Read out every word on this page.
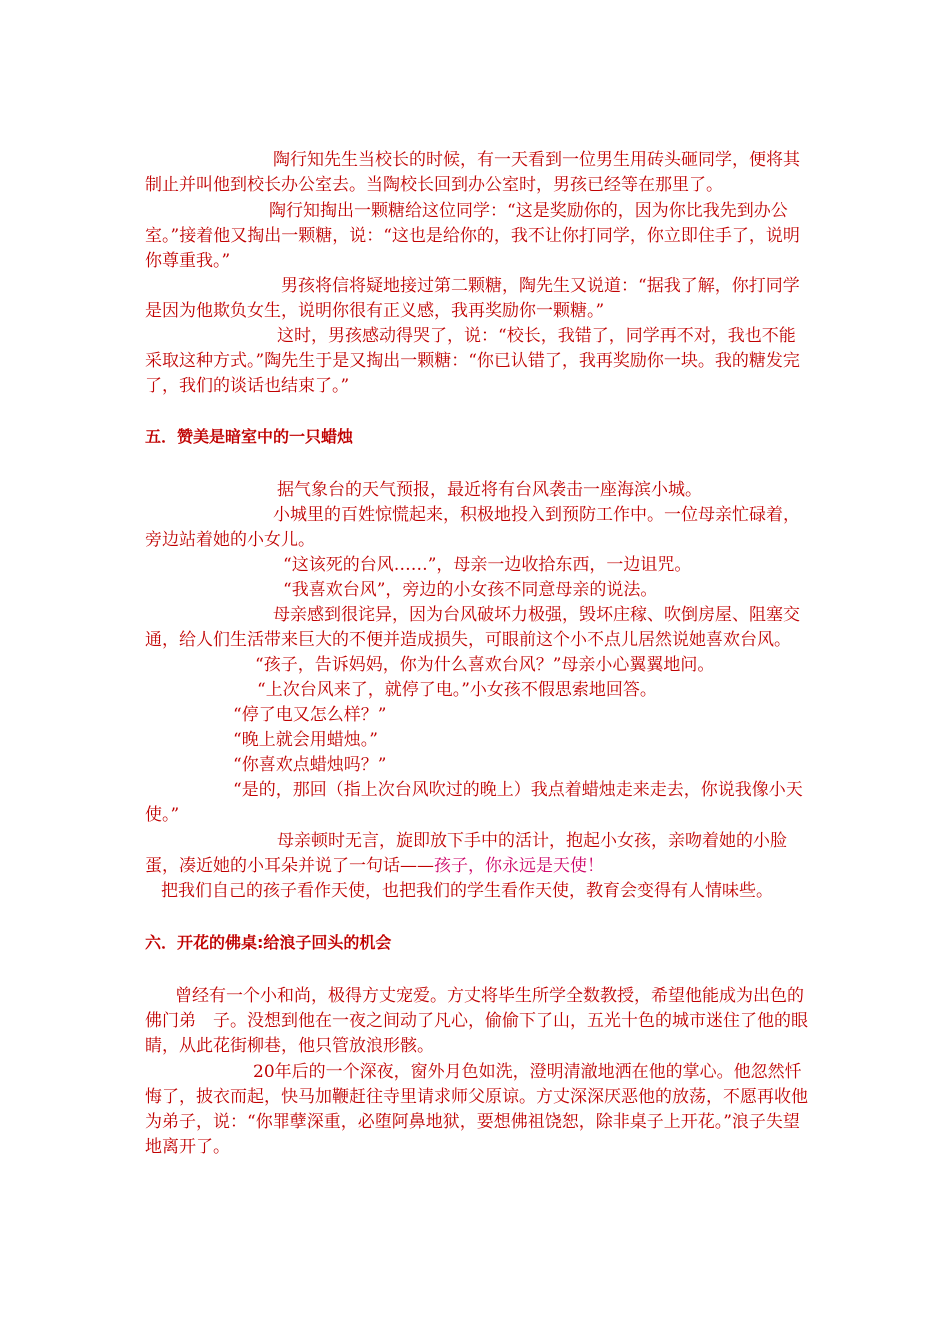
陶行知先生当校长的时候，有一天看到一位男生用砖头砸同学，便将其制止并叫他到校长办公室去。当陶校长回到办公室时，男孩已经等在那里了。

陶行知掏出一颗糖给这位同学：“这是奖励你的，因为你比我先到办公室。”接着他又掏出一颗糖，说：“这也是给你的，我不让你打同学，你立即住手了，说明你尊重我。”

男孩将信将疑地接过第二颗糖，陶先生又说道：“据我了解，你打同学是因为他欺负女生，说明你很有正义感，我再奖励你一颗糖。”

这时，男孩感动得哭了，说：“校长，我错了，同学再不对，我也不能采取这种方式。”陶先生于是又掏出一颗糖：“你已认错了，我再奖励你一块。我的糖发完了，我们的谈话也结束了。”

五．赞美是暗室中的一只蜡烛

据气象台的天气预报，最近将有台风袭击一座海滨小城。

小城里的百姓惊慌起来，积极地投入到预防工作中。一位母亲忙碌着，旁边站着她的小女儿。

“这该死的台风……”，母亲一边收拾东西，一边诅咒。

“我喜欢台风”，旁边的小女孩不同意母亲的说法。

母亲感到很诧异，因为台风破坏力极强，毁坏庄稼、吹倒房屋、阻塞交通，给人们生活带来巨大的不便并造成损失，可眼前这个小不点儿居然说她喜欢台风。

“孩子，告诉妈妈，你为什么喜欢台风？”母亲小心翼翼地问。

“上次台风来了，就停了电。”小女孩不假思索地回答。

“停了电又怎么样？”

“晚上就会用蜡烛。”

“你喜欢点蜡烛吗？”

“是的，那回（指上次台风吹过的晚上）我点着蜡烛走来走去，你说我像小天使。”

母亲顿时无言，旋即放下手中的活计，抱起小女孩，亲吻着她的小脸蛋，凑近她的小耳朵并说了一句话——孩子，你永远是天使！

把我们自己的孩子看作天使，也把我们的学生看作天使，教育会变得有人情味些。

六．开花的佛桌:给浪子回头的机会

曾经有一个小和尚，极得方丈宠爱。方丈将毕生所学全数教授，希望他能成为出色的佛门弟　子。没想到他在一夜之间动了凡心，偷偷下了山，五光十色的城市迷住了他的眼睛，从此花街柳巷，他只管放浪形骸。

20年后的一个深夜，窗外月色如洗，澄明清澈地洒在他的掌心。他忽然忏悔了，披衣而起，快马加鞭赶往寺里请求师父原谅。方丈深深厌恶他的放荡，不愿再收他为弟子，说：“你罪孽深重，必堕阿鼻地狱，要想佛祖饶恕，除非桌子上开花。”浪子失望地离开了。
